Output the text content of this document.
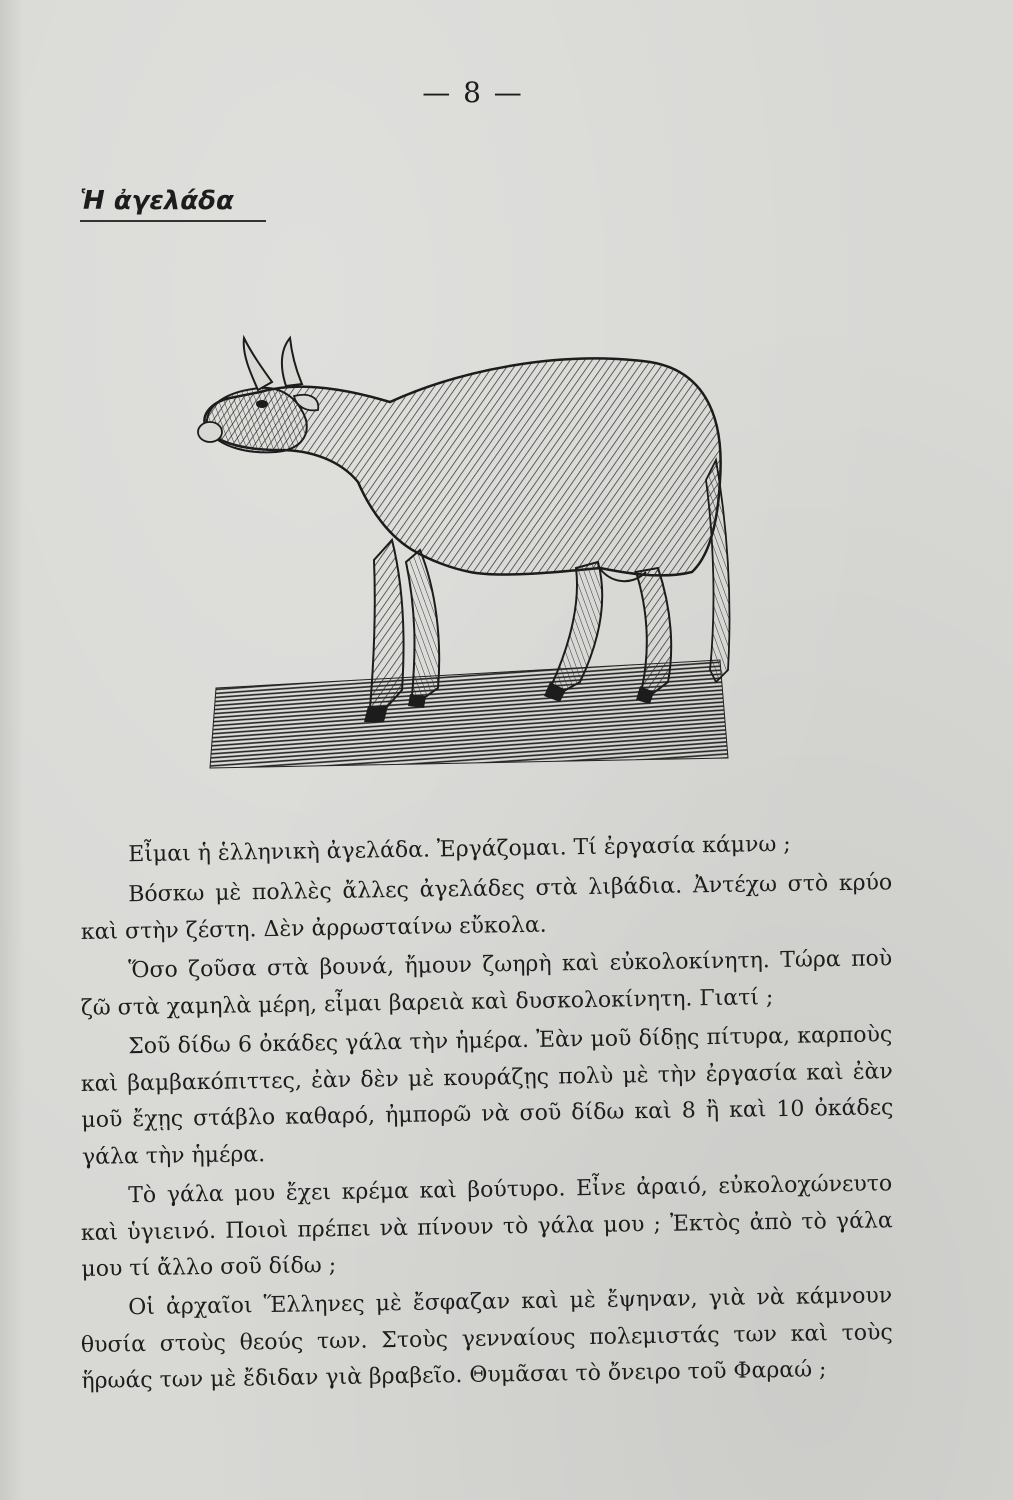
— 8 —
Ἡ ἀγελάδα

Εἶμαι ἡ ἑλληνικὴ ἀγελάδα. Ἐργάζομαι. Τί ἐργασία κάμνω ;

Βόσκω μὲ πολλὲς ἄλλες ἀγελάδες στὰ λιβάδια. Ἀντέχω στὸ κρύο καὶ στὴν ζέστη. Δὲν ἀρρωσταίνω εὔκολα.

Ὅσο ζοῦσα στὰ βουνά, ἤμουν ζωηρὴ καὶ εὐκολοκίνητη. Τώρα ποὺ ζῶ στὰ χαμηλὰ μέρη, εἶμαι βαρειὰ καὶ δυσκολοκίνητη. Γιατί ;

Σοῦ δίδω 6 ὀκάδες γάλα τὴν ἡμέρα. Ἐὰν μοῦ δίδῃς πίτυρα, καρποὺς καὶ βαμβακόπιττες, ἐὰν δὲν μὲ κουράζῃς πολὺ μὲ τὴν ἐργασία καὶ ἐὰν μοῦ ἔχῃς στάβλο καθαρό, ἠμπορῶ νὰ σοῦ δίδω καὶ 8 ἢ καὶ 10 ὀκάδες γάλα τὴν ἡμέρα.

Τὸ γάλα μου ἔχει κρέμα καὶ βούτυρο. Εἶνε ἀραιό, εὐκολοχώνευτο καὶ ὑγιεινό. Ποιοὶ πρέπει νὰ πίνουν τὸ γάλα μου ; Ἐκτὸς ἀπὸ τὸ γάλα μου τί ἄλλο σοῦ δίδω ;

Οἱ ἀρχαῖοι Ἕλληνες μὲ ἔσφαζαν καὶ μὲ ἔψηναν, γιὰ νὰ κάμνουν θυσία στοὺς θεούς των. Στοὺς γενναίους πολεμιστάς των καὶ τοὺς ἥρωάς των μὲ ἔδιδαν γιὰ βραβεῖο. Θυμᾶσαι τὸ ὄνειρο τοῦ Φαραώ ;
